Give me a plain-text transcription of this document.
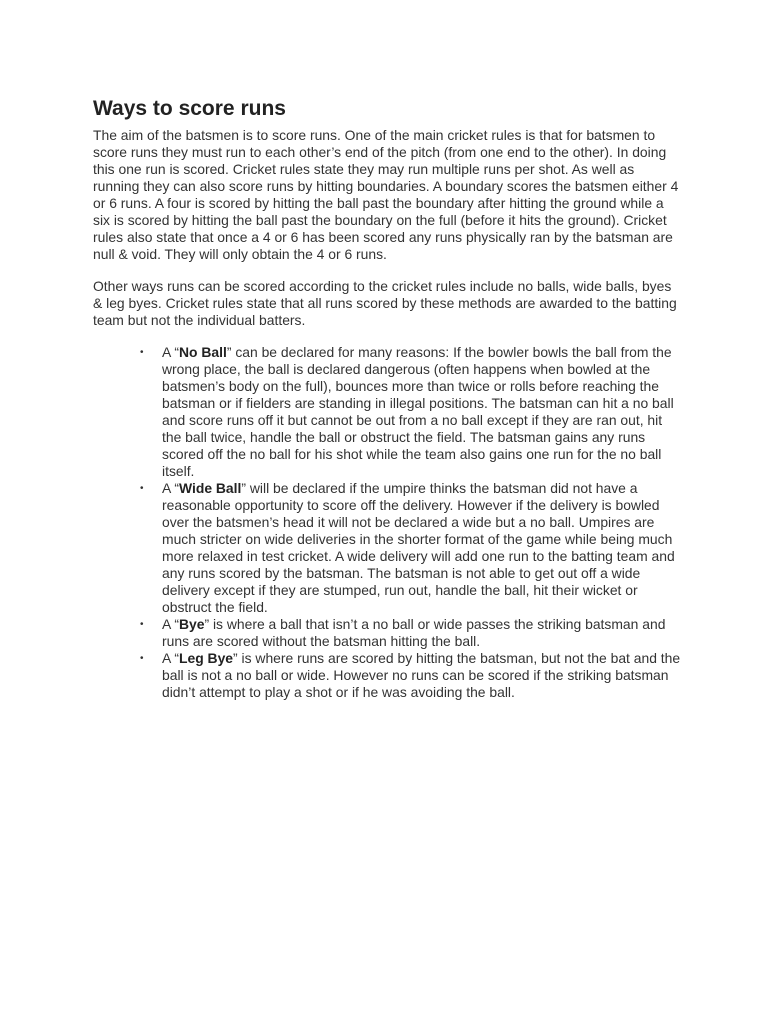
Ways to score runs

The aim of the batsmen is to score runs. One of the main cricket rules is that for batsmen to score runs they must run to each other’s end of the pitch (from one end to the other). In doing this one run is scored. Cricket rules state they may run multiple runs per shot. As well as running they can also score runs by hitting boundaries. A boundary scores the batsmen either 4 or 6 runs. A four is scored by hitting the ball past the boundary after hitting the ground while a six is scored by hitting the ball past the boundary on the full (before it hits the ground). Cricket rules also state that once a 4 or 6 has been scored any runs physically ran by the batsman are null & void. They will only obtain the 4 or 6 runs.

Other ways runs can be scored according to the cricket rules include no balls, wide balls, byes & leg byes. Cricket rules state that all runs scored by these methods are awarded to the batting team but not the individual batters.

• A “No Ball” can be declared for many reasons: If the bowler bowls the ball from the wrong place, the ball is declared dangerous (often happens when bowled at the batsmen’s body on the full), bounces more than twice or rolls before reaching the batsman or if fielders are standing in illegal positions. The batsman can hit a no ball and score runs off it but cannot be out from a no ball except if they are ran out, hit the ball twice, handle the ball or obstruct the field. The batsman gains any runs scored off the no ball for his shot while the team also gains one run for the no ball itself.
• A “Wide Ball” will be declared if the umpire thinks the batsman did not have a reasonable opportunity to score off the delivery. However if the delivery is bowled over the batsmen’s head it will not be declared a wide but a no ball. Umpires are much stricter on wide deliveries in the shorter format of the game while being much more relaxed in test cricket. A wide delivery will add one run to the batting team and any runs scored by the batsman. The batsman is not able to get out off a wide delivery except if they are stumped, run out, handle the ball, hit their wicket or obstruct the field.
• A “Bye” is where a ball that isn’t a no ball or wide passes the striking batsman and runs are scored without the batsman hitting the ball.
• A “Leg Bye” is where runs are scored by hitting the batsman, but not the bat and the ball is not a no ball or wide. However no runs can be scored if the striking batsman didn’t attempt to play a shot or if he was avoiding the ball.
